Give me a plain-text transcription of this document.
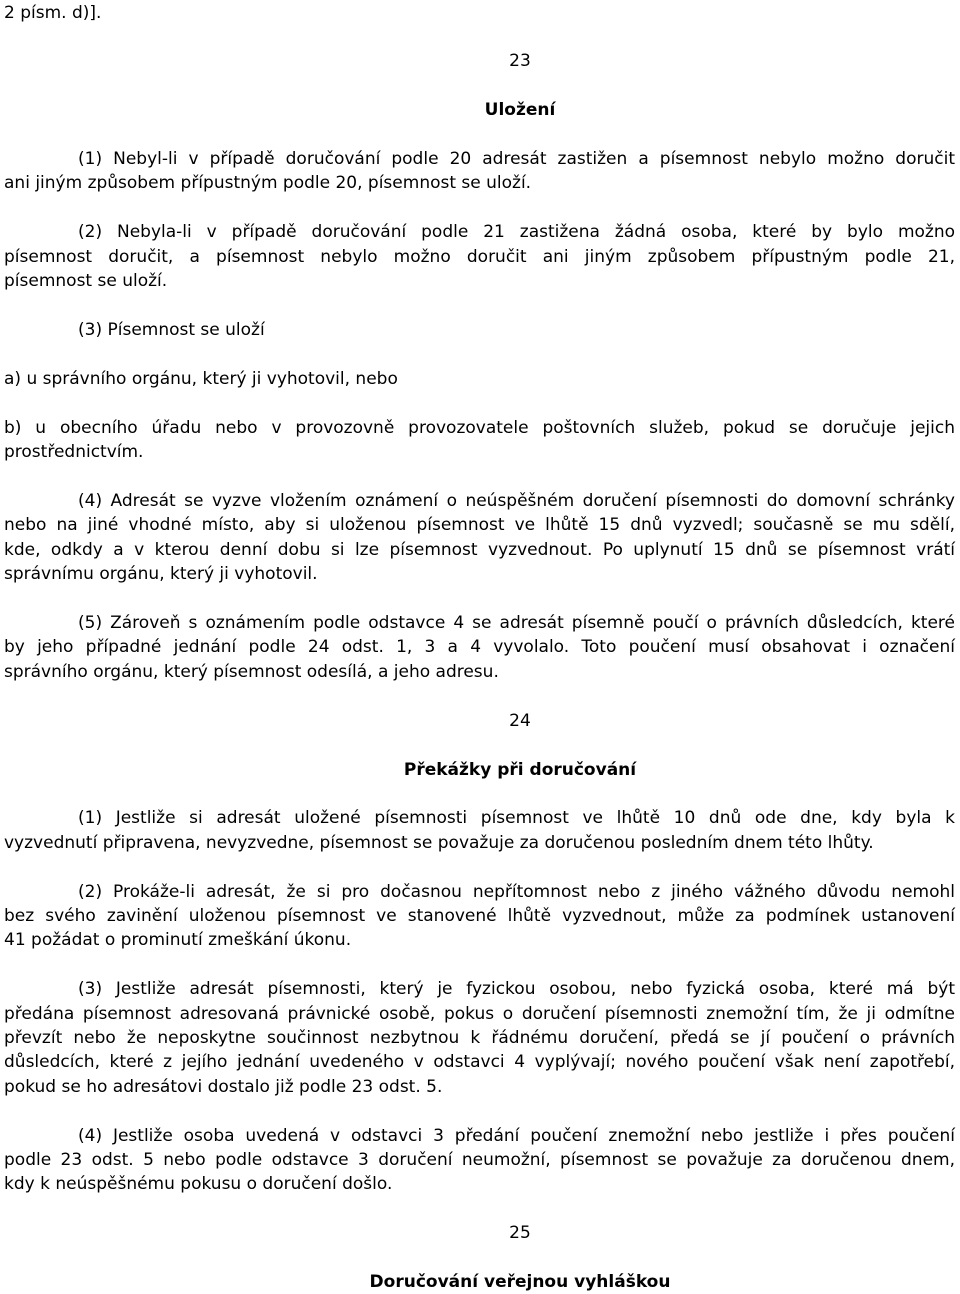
2 písm. d)].
23
Uložení
(1) Nebyl-li v případě doručování podle 20 adresát zastižen a písemnost nebylo možno doručit
ani jiným způsobem přípustným podle 20, písemnost se uloží.
(2) Nebyla-li v případě doručování podle 21 zastižena žádná osoba, které by bylo možno
písemnost doručit, a písemnost nebylo možno doručit ani jiným způsobem přípustným podle 21,
písemnost se uloží.
(3) Písemnost se uloží
a) u správního orgánu, který ji vyhotovil, nebo
b) u obecního úřadu nebo v provozovně provozovatele poštovních služeb, pokud se doručuje jejich
prostřednictvím.
(4) Adresát se vyzve vložením oznámení o neúspěšném doručení písemnosti do domovní schránky
nebo na jiné vhodné místo, aby si uloženou písemnost ve lhůtě 15 dnů vyzvedl; současně se mu sdělí,
kde, odkdy a v kterou denní dobu si lze písemnost vyzvednout. Po uplynutí 15 dnů se písemnost vrátí
správnímu orgánu, který ji vyhotovil.
(5) Zároveň s oznámením podle odstavce 4 se adresát písemně poučí o právních důsledcích, které
by jeho případné jednání podle 24 odst. 1, 3 a 4 vyvolalo. Toto poučení musí obsahovat i označení
správního orgánu, který písemnost odesílá, a jeho adresu.
24
Překážky při doručování
(1) Jestliže si adresát uložené písemnosti písemnost ve lhůtě 10 dnů ode dne, kdy byla k
vyzvednutí připravena, nevyzvedne, písemnost se považuje za doručenou posledním dnem této lhůty.
(2) Prokáže-li adresát, že si pro dočasnou nepřítomnost nebo z jiného vážného důvodu nemohl
bez svého zavinění uloženou písemnost ve stanovené lhůtě vyzvednout, může za podmínek ustanovení
41 požádat o prominutí zmeškání úkonu.
(3) Jestliže adresát písemnosti, který je fyzickou osobou, nebo fyzická osoba, které má být
předána písemnost adresovaná právnické osobě, pokus o doručení písemnosti znemožní tím, že ji odmítne
převzít nebo že neposkytne součinnost nezbytnou k řádnému doručení, předá se jí poučení o právních
důsledcích, které z jejího jednání uvedeného v odstavci 4 vyplývají; nového poučení však není zapotřebí,
pokud se ho adresátovi dostalo již podle 23 odst. 5.
(4) Jestliže osoba uvedená v odstavci 3 předání poučení znemožní nebo jestliže i přes poučení
podle 23 odst. 5 nebo podle odstavce 3 doručení neumožní, písemnost se považuje za doručenou dnem,
kdy k neúspěšnému pokusu o doručení došlo.
25
Doručování veřejnou vyhláškou
